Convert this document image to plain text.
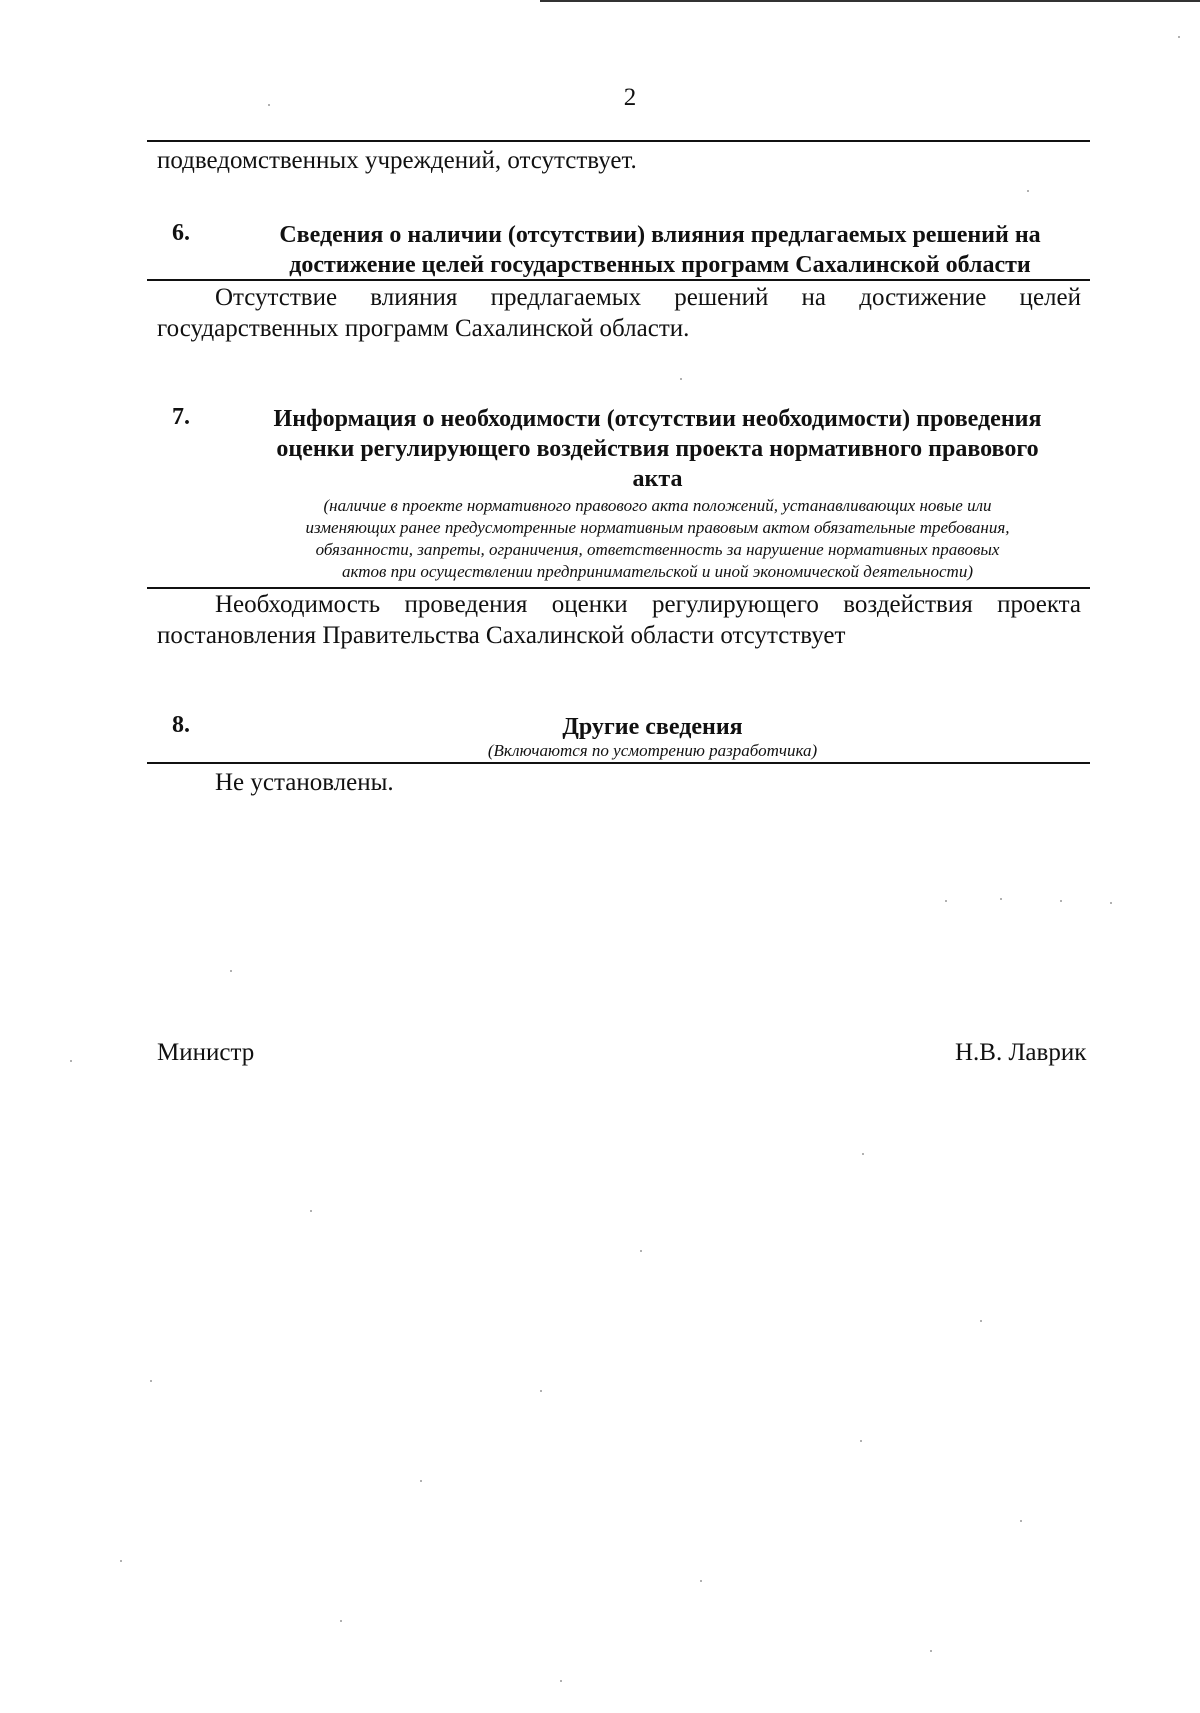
2
подведомственных учреждений, отсутствует.
6.	Сведения о наличии (отсутствии) влияния предлагаемых решений на
достижение целей государственных программ Сахалинской области
Отсутствие влияния предлагаемых решений на достижение целей
государственных программ Сахалинской области.
7.	Информация о необходимости (отсутствии необходимости) проведения
оценки регулирующего воздействия проекта нормативного правового
акта
(наличие в проекте нормативного правового акта положений, устанавливающих новые или
изменяющих ранее предусмотренные нормативным правовым актом обязательные требования,
обязанности, запреты, ограничения, ответственность за нарушение нормативных правовых
актов при осуществлении предпринимательской и иной экономической деятельности)
Необходимость проведения оценки регулирующего воздействия проекта
постановления Правительства Сахалинской области отсутствует
8.	Другие сведения
(Включаются по усмотрению разработчика)
Не установлены.
Министр	Н.В. Лаврик
